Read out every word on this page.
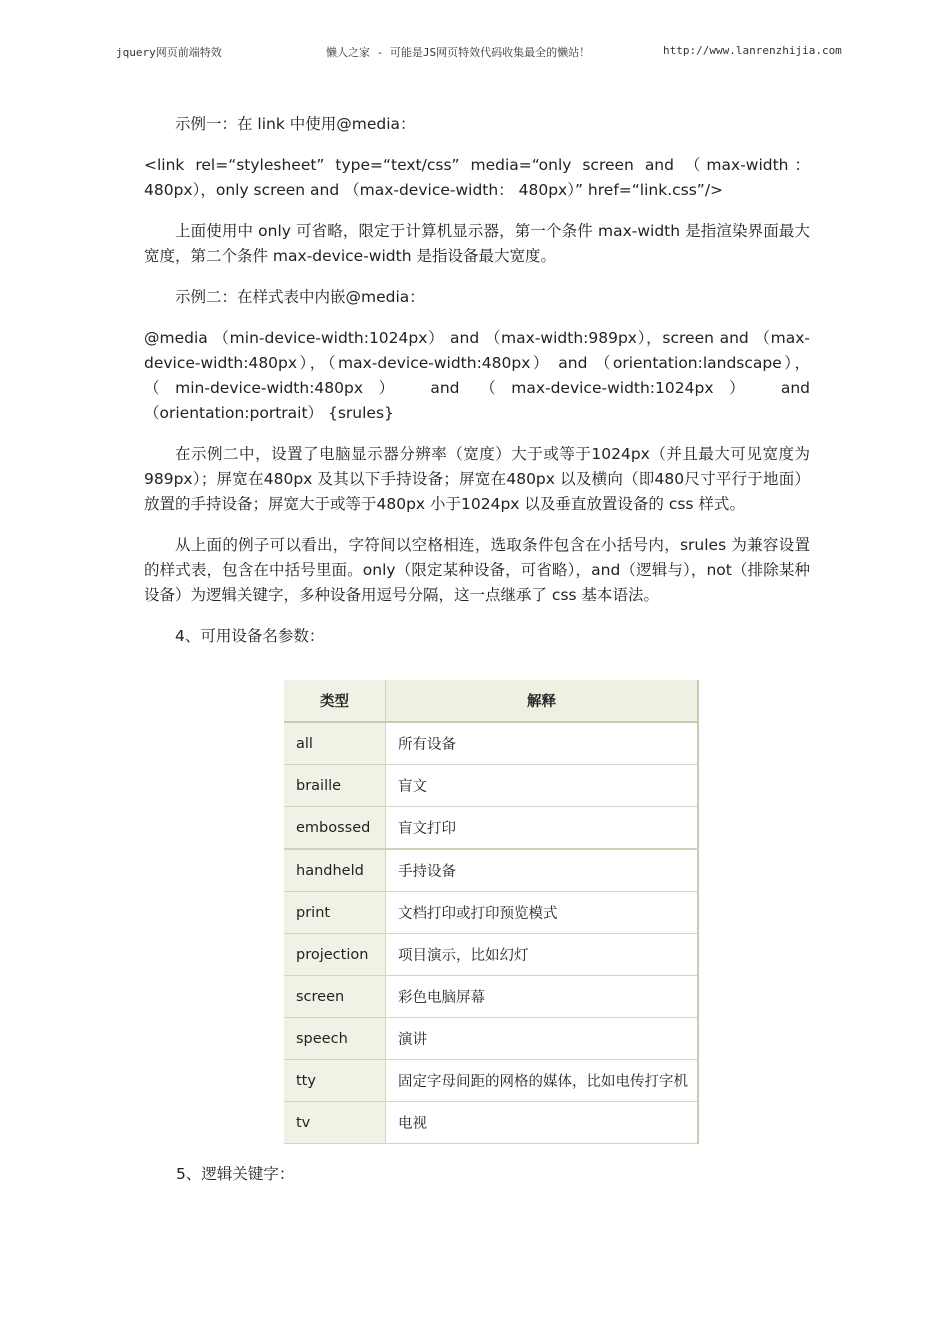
jquery网页前端特效	懒人之家 - 可能是JS网页特效代码收集最全的懒站！	http://www.lanrenzhijia.com

示例一：在 link 中使用@media：

<link rel=“stylesheet” type=“text/css” media=“only screen and （max-width： 480px），only screen and （max-device-width： 480px）” href=“link.css”/>

上面使用中 only 可省略，限定于计算机显示器，第一个条件 max-width 是指渲染界面最大宽度，第二个条件 max-device-width 是指设备最大宽度。

示例二：在样式表中内嵌@media：

@media （min-device-width:1024px） and （max-width:989px），screen and （max-device-width:480px），（max-device-width:480px） and （orientation:landscape），（min-device-width:480px） and （max-device-width:1024px） and （orientation:portrait） {srules}

在示例二中，设置了电脑显示器分辨率（宽度）大于或等于1024px（并且最大可见宽度为989px）；屏宽在480px 及其以下手持设备；屏宽在480px 以及横向（即480尺寸平行于地面）放置的手持设备；屏宽大于或等于480px 小于1024px 以及垂直放置设备的 css 样式。

从上面的例子可以看出，字符间以空格相连，选取条件包含在小括号内，srules 为兼容设置的样式表，包含在中括号里面。only（限定某种设备，可省略），and（逻辑与），not（排除某种设备）为逻辑关键字，多种设备用逗号分隔，这一点继承了 css 基本语法。

4、可用设备名参数：

类型	解释
all	所有设备
braille	盲文
embossed	盲文打印
handheld	手持设备
print	文档打印或打印预览模式
projection	项目演示，比如幻灯
screen	彩色电脑屏幕
speech	演讲
tty	固定字母间距的网格的媒体，比如电传打字机
tv	电视
5、逻辑关键字：
